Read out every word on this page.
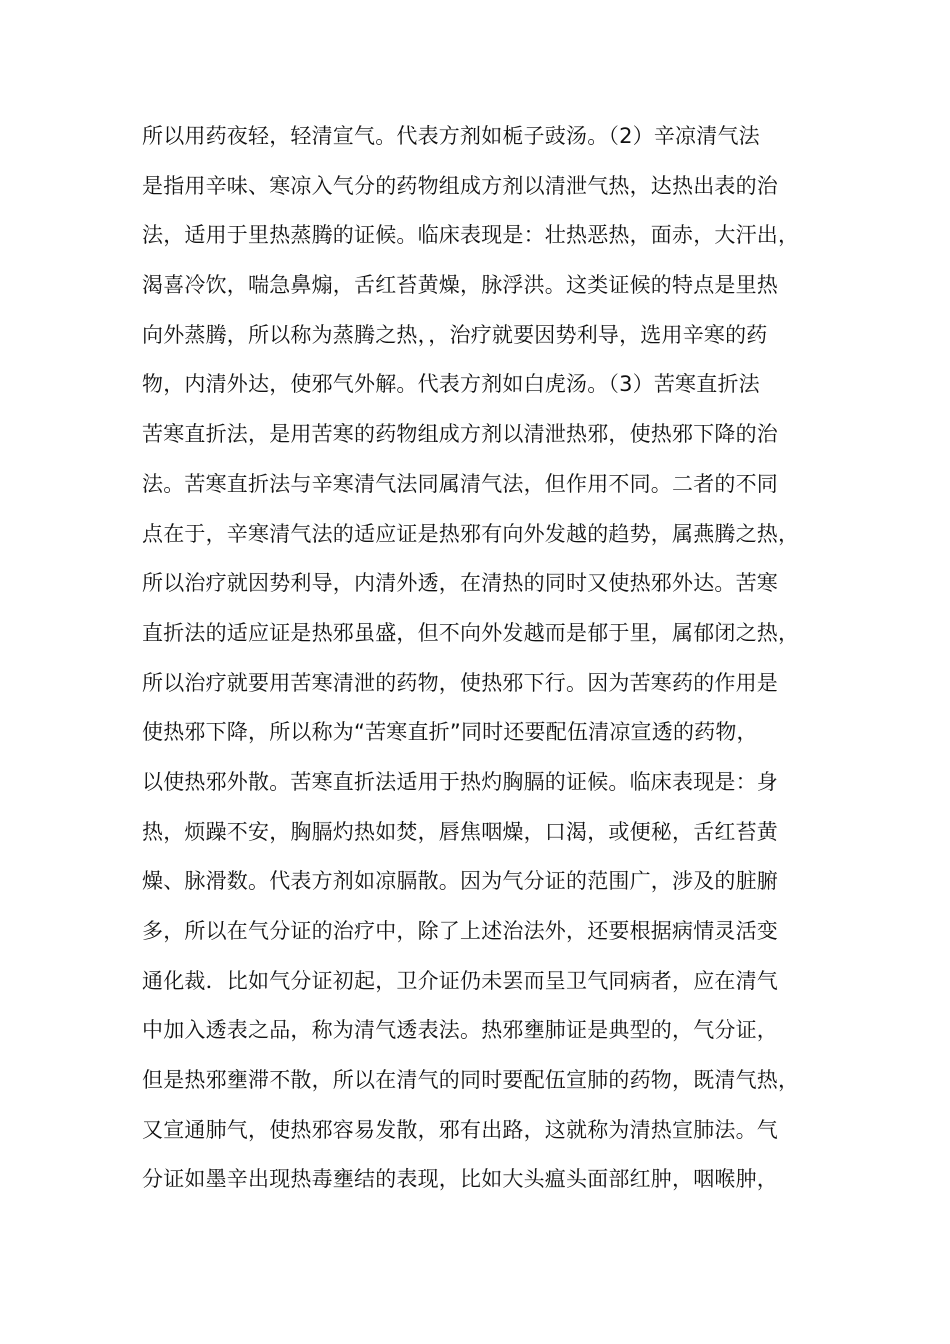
所以用药夜轻，轻清宣气。代表方剂如栀子豉汤。（2）辛凉清气法
是指用辛味、寒凉入气分的药物组成方剂以清泄气热，达热出表的治
法，适用于里热蒸腾的证候。临床表现是：壮热恶热，面赤，大汗出，
渴喜冷饮，喘急鼻煽，舌红苔黄燥，脉浮洪。这类证候的特点是里热
向外蒸腾，所以称为蒸腾之热，，治疗就要因势利导，选用辛寒的药
物，内清外达，使邪气外解。代表方剂如白虎汤。（3）苦寒直折法
苦寒直折法，是用苦寒的药物组成方剂以清泄热邪，使热邪下降的治
法。苦寒直折法与辛寒清气法同属清气法，但作用不同。二者的不同
点在于，辛寒清气法的适应证是热邪有向外发越的趋势，属燕腾之热，
所以治疗就因势利导，内清外透，在清热的同时又使热邪外达。苦寒
直折法的适应证是热邪虽盛，但不向外发越而是郁于里，属郁闭之热，
所以治疗就要用苦寒清泄的药物，使热邪下行。因为苦寒药的作用是
使热邪下降，所以称为“苦寒直折”同时还要配伍清凉宣透的药物，
以使热邪外散。苦寒直折法适用于热灼胸膈的证候。临床表现是：身
热，烦躁不安，胸膈灼热如焚，唇焦咽燥，口渴，或便秘，舌红苔黄
燥、脉滑数。代表方剂如凉膈散。因为气分证的范围广，涉及的脏腑
多，所以在气分证的治疗中，除了上述治法外，还要根据病情灵活变
通化裁．比如气分证初起，卫介证仍未罢而呈卫气同病者，应在清气
中加入透表之品，称为清气透表法。热邪壅肺证是典型的，气分证，
但是热邪壅滞不散，所以在清气的同时要配伍宣肺的药物，既清气热，
又宣通肺气，使热邪容易发散，邪有出路，这就称为清热宣肺法。气
分证如墨辛出现热毒壅结的表现，比如大头瘟头面部红肿，咽喉肿，
